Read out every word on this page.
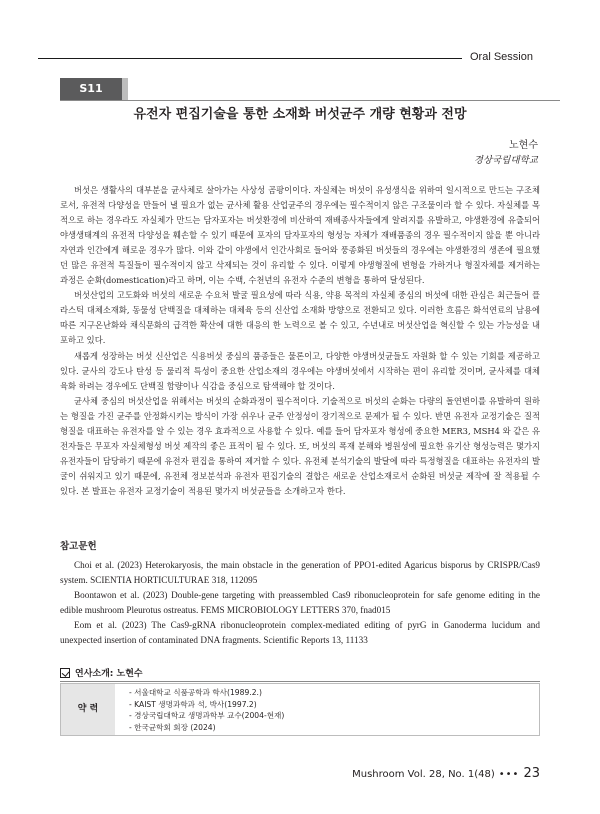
Oral Session
S11
유전자 편집기술을 통한 소재화 버섯균주 개량 현황과 전망
노현수
경상국립대학교

버섯은 생활사의 대부분을 균사체로 살아가는 사상성 곰팡이이다. 자실체는 버섯이 유성생식을 위하여 일시적으로 만드는 구조체로서, 유전적 다양성을 만들어 낼 필요가 없는 균사체 활용 산업균주의 경우에는 필수적이지 않은 구조물이라 할 수 있다. 자실체를 목적으로 하는 경우라도 자실체가 만드는 담자포자는 버섯환경에 비산하여 재배종사자들에게 알려지를 유발하고, 야생환경에 유출되어 야생생태계의 유전적 다양성을 훼손할 수 있기 때문에 포자의 담자포자의 형성능 자체가 재배품종의 경우 필수적이지 않을 뿐 아니라 자연과 인간에게 해로운 경우가 많다. 이와 같이 야생에서 인간사회로 들어와 풍종화된 버섯들의 경우에는 야생환경의 생존에 필요했던 많은 유전적 특질들이 필수적이지 않고 삭제되는 것이 유리할 수 있다. 이렇게 야생형질에 변형을 가하거나 형질자체를 제거하는 과정은 순화(domestication)라고 하며, 이는 수백, 수천년의 유전자 수준의 변형을 통하여 달성된다.

버섯산업의 고도화와 버섯의 새로운 수요처 발굴 필요성에 따라 식용, 약용 목적의 자실체 중심의 버섯에 대한 관심은 최근들어 플라스틱 대체소재화, 동물성 단백질을 대체하는 대체육 등의 신산업 소재화 방향으로 전환되고 있다. 이러한 흐름은 화석연료의 남용에 따른 지구온난화와 채식문화의 급격한 확산에 대한 대응의 한 노력으로 볼 수 있고, 수년내로 버섯산업을 혁신할 수 있는 가능성을 내포하고 있다.

새롭게 성장하는 버섯 신산업은 식용버섯 중심의 품종들은 물론이고, 다양한 야생버섯균들도 자원화 할 수 있는 기회를 제공하고 있다. 균사의 강도나 탄성 등 물리적 특성이 중요한 산업소재의 경우에는 야생버섯에서 시작하는 편이 유리할 것이며, 균사체를 대체육화 하려는 경우에도 단백질 함량이나 식감을 중심으로 탐색해야 할 것이다.

균사체 중심의 버섯산업을 위해서는 버섯의 순화과정이 필수적이다. 기술적으로 버섯의 순화는 다량의 돌연변이를 유발하여 원하는 형질을 가진 균주를 안정화시키는 방식이 가장 쉬우나 균주 안정성이 장기적으로 문제가 될 수 있다. 반면 유전자 교정기술은 질적형질을 대표하는 유전자를 알 수 있는 경우 효과적으로 사용할 수 있다. 예를 들어 담자포자 형성에 중요한 MER3, MSH4 와 같은 유전자들은 무포자 자실체형성 버섯 제작의 좋은 표적이 될 수 있다. 또, 버섯의 폭재 분해와 병원성에 필요한 유기산 형성능력은 몇가지 유전자들이 담당하기 때문에 유전자 편집을 통하여 제거할 수 있다. 유전체 분석기술의 발달에 따라 특정형질을 대표하는 유전자의 발굴이 쉬워지고 있기 때문에, 유전체 정보분석과 유전자 편집기술의 결합은 새로운 산업소재로서 순화된 버섯균 제작에 잘 적용될 수 있다. 본 발표는 유전자 교정기술이 적용된 몇가지 버섯균들을 소개하고자 한다.

참고문헌

Choi et al. (2023) Heterokaryosis, the main obstacle in the generation of PPO1-edited Agaricus bisporus by CRISPR/Cas9 system. SCIENTIA HORTICULTURAE 318, 112095

Boontawon et al. (2023) Double-gene targeting with preassembled Cas9 ribonucleoprotein for safe genome editing in the edible mushroom Pleurotus ostreatus. FEMS MICROBIOLOGY LETTERS 370, fnad015

Eom et al. (2023) The Cas9-gRNA ribonucleoprotein complex-mediated editing of pyrG in Ganoderma lucidum and unexpected insertion of contaminated DNA fragments. Scientific Reports 13, 11133

연사소개: 노현수
약 력
- 서울대학교 식품공학과 학사(1989.2.)
- KAIST 생명과학과 석, 박사(1997.2)
- 경상국립대학교 생명과학부 교수(2004-현재)
- 한국균학회 회장 (2024)
Mushroom Vol. 28, No. 1(48) ••• 23
